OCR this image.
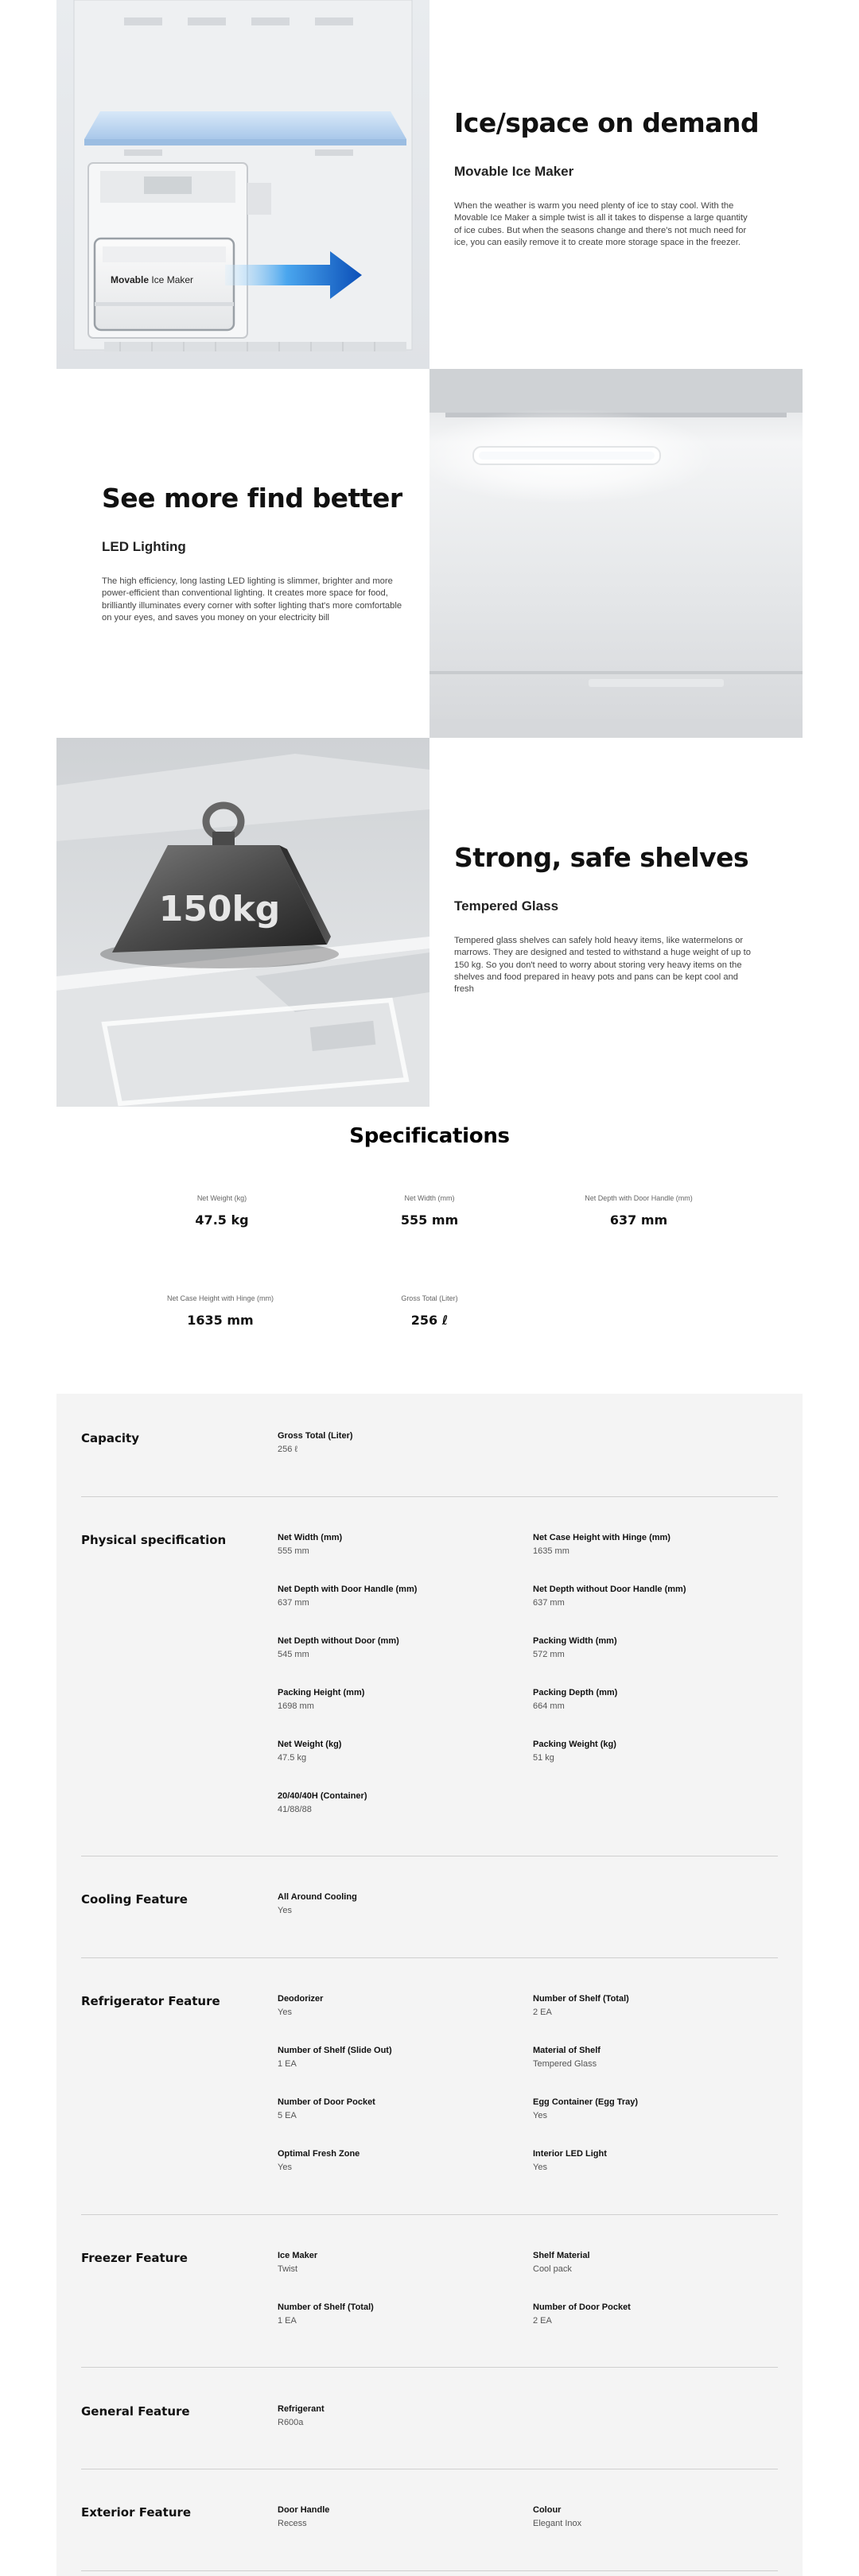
Movable Ice Maker
Ice/space on demand
Movable Ice Maker

When the weather is warm you need plenty of ice to stay cool. With the Movable Ice Maker a simple twist is all it takes to dispense a large quantity of ice cubes. But when the seasons change and there's not much need for ice, you can easily remove it to create more storage space in the freezer.

See more find better
LED Lighting

The high efficiency, long lasting LED lighting is slimmer, brighter and more power-efficient than conventional lighting. It creates more space for food, brilliantly illuminates every corner with softer lighting that's more comfortable on your eyes, and saves you money on your electricity bill

150kg
Strong, safe shelves
Tempered Glass

Tempered glass shelves can safely hold heavy items, like watermelons or marrows. They are designed and tested to withstand a huge weight of up to 150 kg. So you don't need to worry about storing very heavy items on the shelves and food prepared in heavy pots and pans can be kept cool and fresh

Specifications
Net Weight (kg)
47.5 kg
Net Width (mm)
555 mm
Net Depth with Door Handle (mm)
637 mm
Net Case Height with Hinge (mm)
1635 mm
Gross Total (Liter)
256 ℓ
Capacity	Gross Total (Liter)
256 ℓ
Physical specification	Net Width (mm)
555 mm
Net Case Height with Hinge (mm)
1635 mm
Net Depth with Door Handle (mm)
637 mm
Net Depth without Door Handle (mm)
637 mm
Net Depth without Door (mm)
545 mm
Packing Width (mm)
572 mm
Packing Height (mm)
1698 mm
Packing Depth (mm)
664 mm
Net Weight (kg)
47.5 kg
Packing Weight (kg)
51 kg
20/40/40H (Container)
41/88/88
Cooling Feature	All Around Cooling
Yes
Refrigerator Feature	Deodorizer
Yes
Number of Shelf (Total)
2 EA
Number of Shelf (Slide Out)
1 EA
Material of Shelf
Tempered Glass
Number of Door Pocket
5 EA
Egg Container (Egg Tray)
Yes
Optimal Fresh Zone
Yes
Interior LED Light
Yes
Freezer Feature	Ice Maker
Twist
Shelf Material
Cool pack
Number of Shelf (Total)
1 EA
Number of Door Pocket
2 EA
General Feature	Refrigerant
R600a
Exterior Feature	Door Handle
Recess
Colour
Elegant Inox
